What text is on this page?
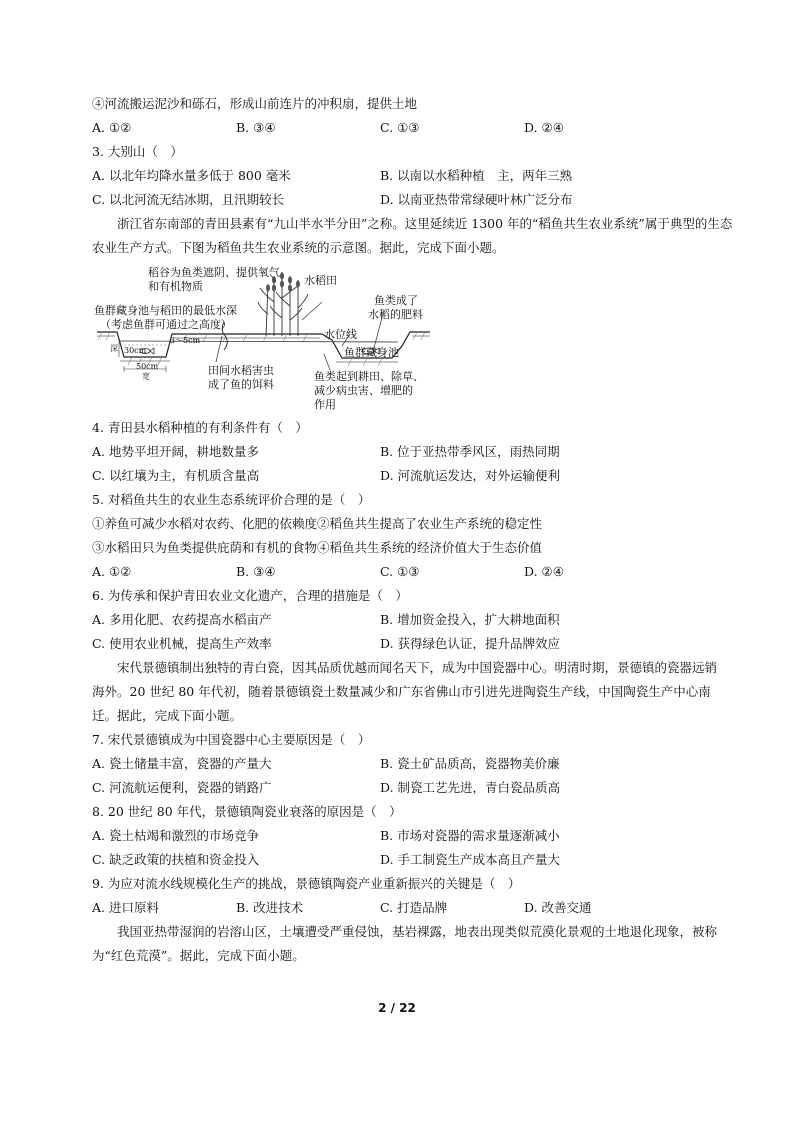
④河流搬运泥沙和砾石，形成山前连片的冲积扇，提供土地
A. ①②	B. ③④	C. ①③	D. ②④
3. 大别山（　）
A. 以北年均降水量多低于 800 毫米	B. 以南以水稻种植　主，两年三熟
C. 以北河流无结冰期，且汛期较长	D. 以南亚热带常绿硬叶林广泛分布
浙江省东南部的青田县素有“九山半水半分田”之称。这里延续近 1300 年的“稻鱼共生农业系统”属于典型的生态
农业生产方式。下图为稻鱼共生农业系统的示意图。据此，完成下面小题。
稻谷为鱼类遮阴、提供氧气
和有机物质	水稻田
鱼类成了
水稻的肥料
鱼群藏身池与稻田的最低水深
（考虑鱼群可通过之高度）
水位线
鱼群藏身池
田间水稻害虫
成了鱼的饵料
鱼类起到耕田、除草、
减少病虫害、增肥的
作用
3～5cm
深 30cm
50cm
宽
4. 青田县水稻种植的有利条件有（　）
A. 地势平坦开阔，耕地数量多	B. 位于亚热带季风区，雨热同期
C. 以红壤为主，有机质含量高	D. 河流航运发达，对外运输便利
5. 对稻鱼共生的农业生态系统评价合理的是（　）
①养鱼可减少水稻对农药、化肥的依赖度②稻鱼共生提高了农业生产系统的稳定性
③水稻田只为鱼类提供庇荫和有机的食物④稻鱼共生系统的经济价值大于生态价值
A. ①②	B. ③④	C. ①③	D. ②④
6. 为传承和保护青田农业文化遗产，合理的措施是（　）
A. 多用化肥、农药提高水稻亩产	B. 增加资金投入，扩大耕地面积
C. 使用农业机械，提高生产效率	D. 获得绿色认证，提升品牌效应
宋代景德镇制出独特的青白瓷，因其品质优越而闻名天下，成为中国瓷器中心。明清时期，景德镇的瓷器远销
海外。20 世纪 80 年代初，随着景德镇瓷土数量减少和广东省佛山市引进先进陶瓷生产线，中国陶瓷生产中心南
迁。据此，完成下面小题。
7. 宋代景德镇成为中国瓷器中心主要原因是（　）
A. 瓷土储量丰富，瓷器的产量大	B. 瓷土矿品质高，瓷器物美价廉
C. 河流航运便利，瓷器的销路广	D. 制瓷工艺先进，青白瓷品质高
8. 20 世纪 80 年代，景德镇陶瓷业衰落的原因是（　）
A. 瓷土枯竭和激烈的市场竞争	B. 市场对瓷器的需求量逐渐减小
C. 缺乏政策的扶植和资金投入	D. 手工制瓷生产成本高且产量大
9. 为应对流水线规模化生产的挑战，景德镇陶瓷产业重新振兴的关键是（　）
A. 进口原料	B. 改进技术	C. 打造品牌	D. 改善交通
我国亚热带湿润的岩溶山区，土壤遭受严重侵蚀，基岩裸露，地表出现类似荒漠化景观的土地退化现象，被称
为“红色荒漠”。据此，完成下面小题。
2 / 22
